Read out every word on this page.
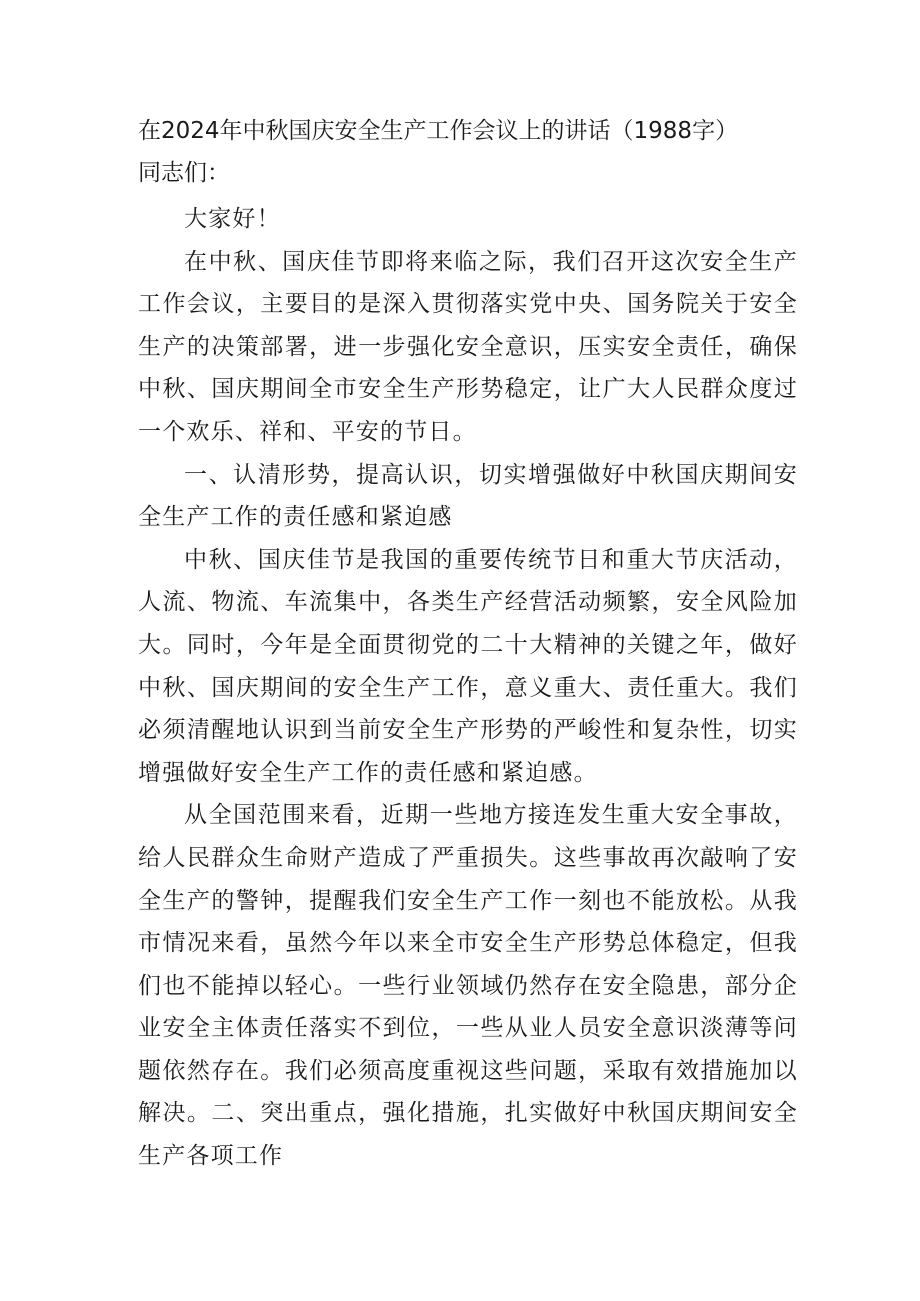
在2024年中秋国庆安全生产工作会议上的讲话（1988字）
同志们：

大家好！

在中秋、国庆佳节即将来临之际，我们召开这次安全生产工作会议，主要目的是深入贯彻落实党中央、国务院关于安全生产的决策部署，进一步强化安全意识，压实安全责任，确保中秋、国庆期间全市安全生产形势稳定，让广大人民群众度过一个欢乐、祥和、平安的节日。

一、认清形势，提高认识，切实增强做好中秋国庆期间安全生产工作的责任感和紧迫感

中秋、国庆佳节是我国的重要传统节日和重大节庆活动，人流、物流、车流集中，各类生产经营活动频繁，安全风险加大。同时，今年是全面贯彻党的二十大精神的关键之年，做好中秋、国庆期间的安全生产工作，意义重大、责任重大。我们必须清醒地认识到当前安全生产形势的严峻性和复杂性，切实增强做好安全生产工作的责任感和紧迫感。

从全国范围来看，近期一些地方接连发生重大安全事故，给人民群众生命财产造成了严重损失。这些事故再次敲响了安全生产的警钟，提醒我们安全生产工作一刻也不能放松。从我市情况来看，虽然今年以来全市安全生产形势总体稳定，但我们也不能掉以轻心。一些行业领域仍然存在安全隐患，部分企业安全主体责任落实不到位，一些从业人员安全意识淡薄等问题依然存在。我们必须高度重视这些问题，采取有效措施加以解决。二、突出重点，强化措施，扎实做好中秋国庆期间安全生产各项工作
